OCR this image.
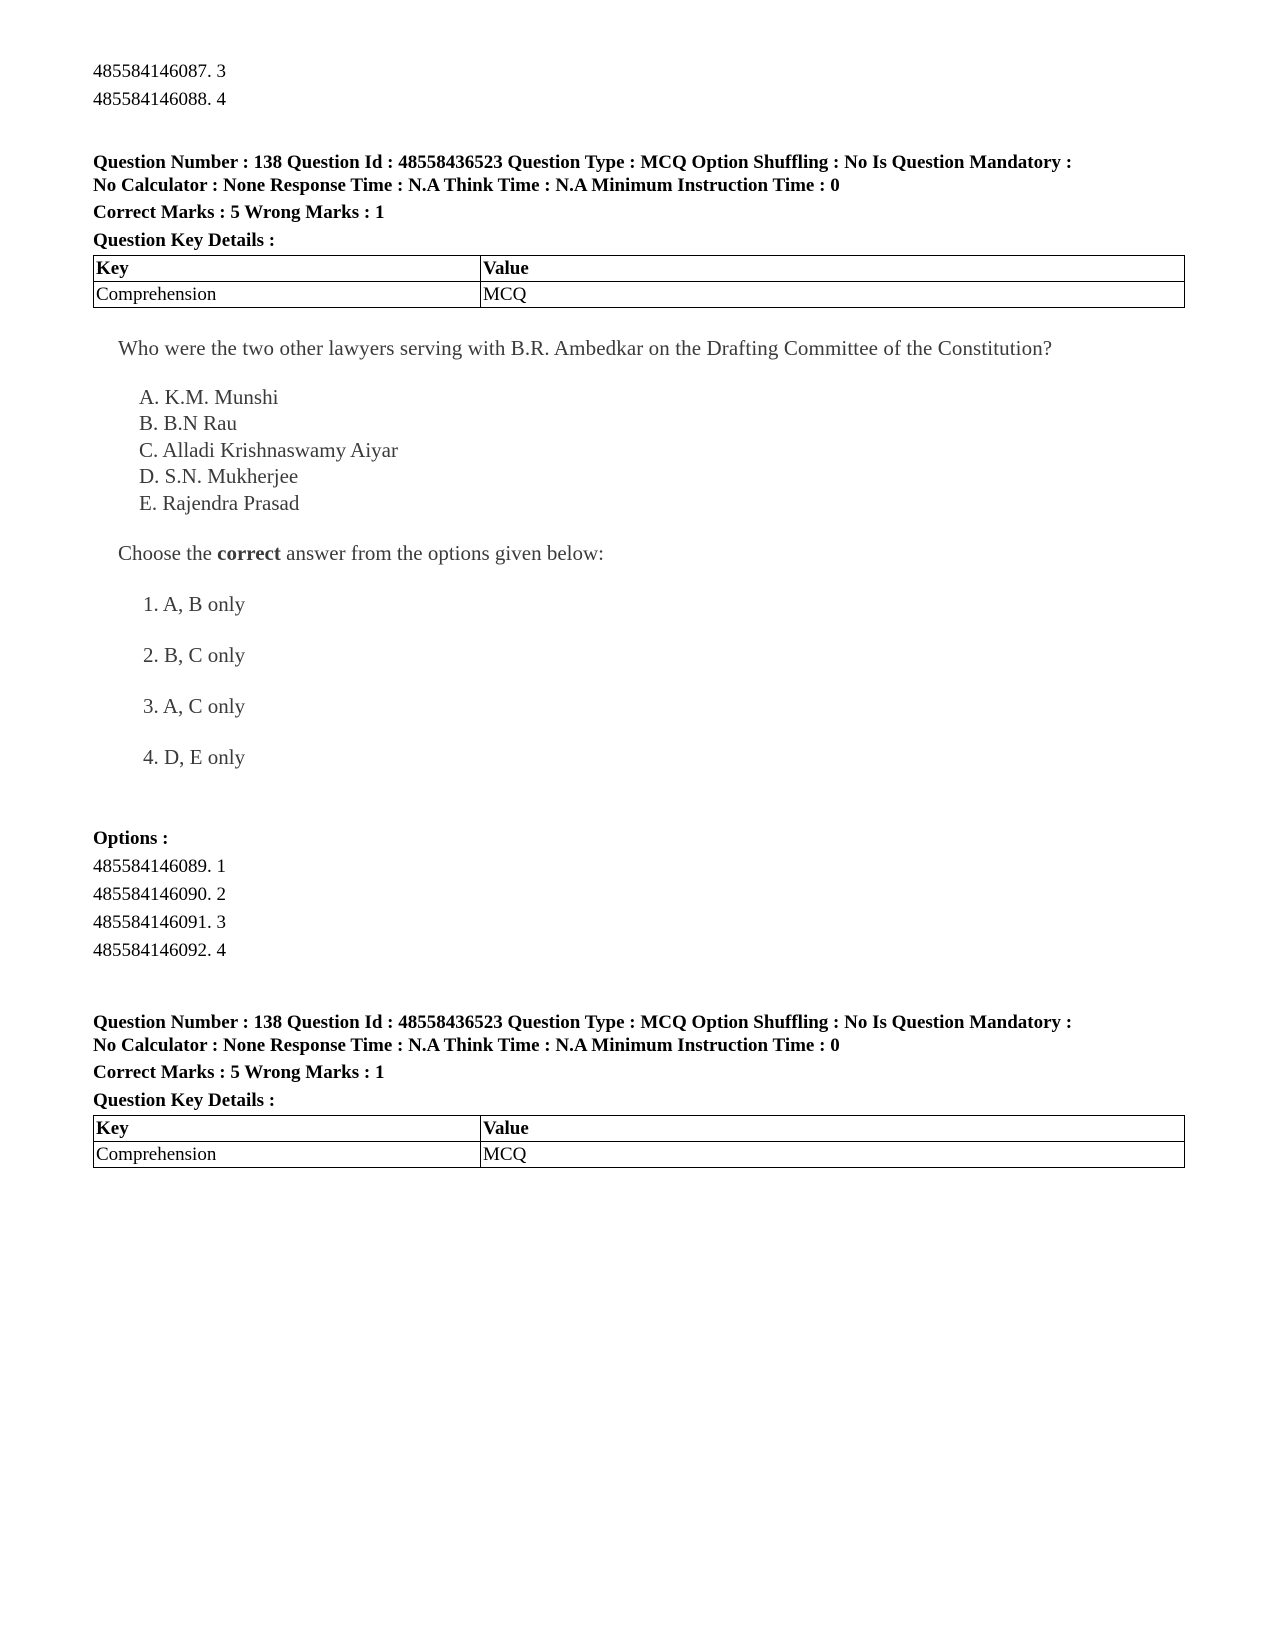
485584146087. 3
485584146088. 4
Question Number : 138 Question Id : 48558436523 Question Type : MCQ Option Shuffling : No Is Question Mandatory :
No Calculator : None Response Time : N.A Think Time : N.A Minimum Instruction Time : 0
Correct Marks : 5 Wrong Marks : 1
Question Key Details :
Key	Value
Comprehension	MCQ
Who were the two other lawyers serving with B.R. Ambedkar on the Drafting Committee of the Constitution?
A. K.M. Munshi
B. B.N Rau
C. Alladi Krishnaswamy Aiyar
D. S.N. Mukherjee
E. Rajendra Prasad
Choose the correct answer from the options given below:
1. A, B only
2. B, C only
3. A, C only
4. D, E only
Options :
485584146089. 1
485584146090. 2
485584146091. 3
485584146092. 4
Question Number : 138 Question Id : 48558436523 Question Type : MCQ Option Shuffling : No Is Question Mandatory :
No Calculator : None Response Time : N.A Think Time : N.A Minimum Instruction Time : 0
Correct Marks : 5 Wrong Marks : 1
Question Key Details :
Key	Value
Comprehension	MCQ
